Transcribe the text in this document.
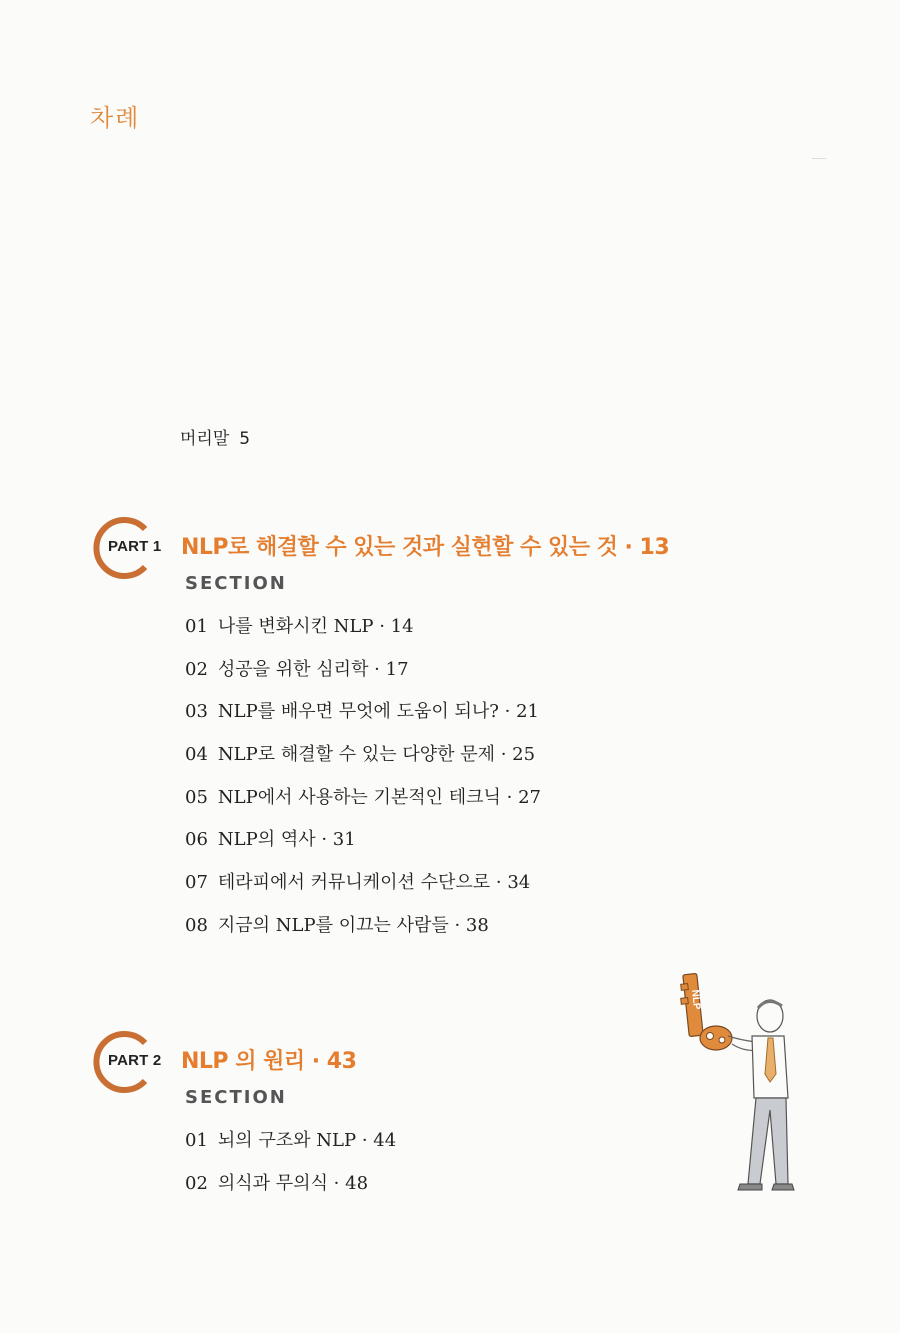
차례
머리말 5
PART 1 NLP로 해결할 수 있는 것과 실현할 수 있는 것 · 13
SECTION
01 나를 변화시킨 NLP · 14
02 성공을 위한 심리학 · 17
03 NLP를 배우면 무엇에 도움이 되나? · 21
04 NLP로 해결할 수 있는 다양한 문제 · 25
05 NLP에서 사용하는 기본적인 테크닉 · 27
06 NLP의 역사 · 31
07 테라피에서 커뮤니케이션 수단으로 · 34
08 지금의 NLP를 이끄는 사람들 · 38
PART 2 NLP 의 원리 · 43
SECTION
01 뇌의 구조와 NLP · 44
02 의식과 무의식 · 48
NLP
